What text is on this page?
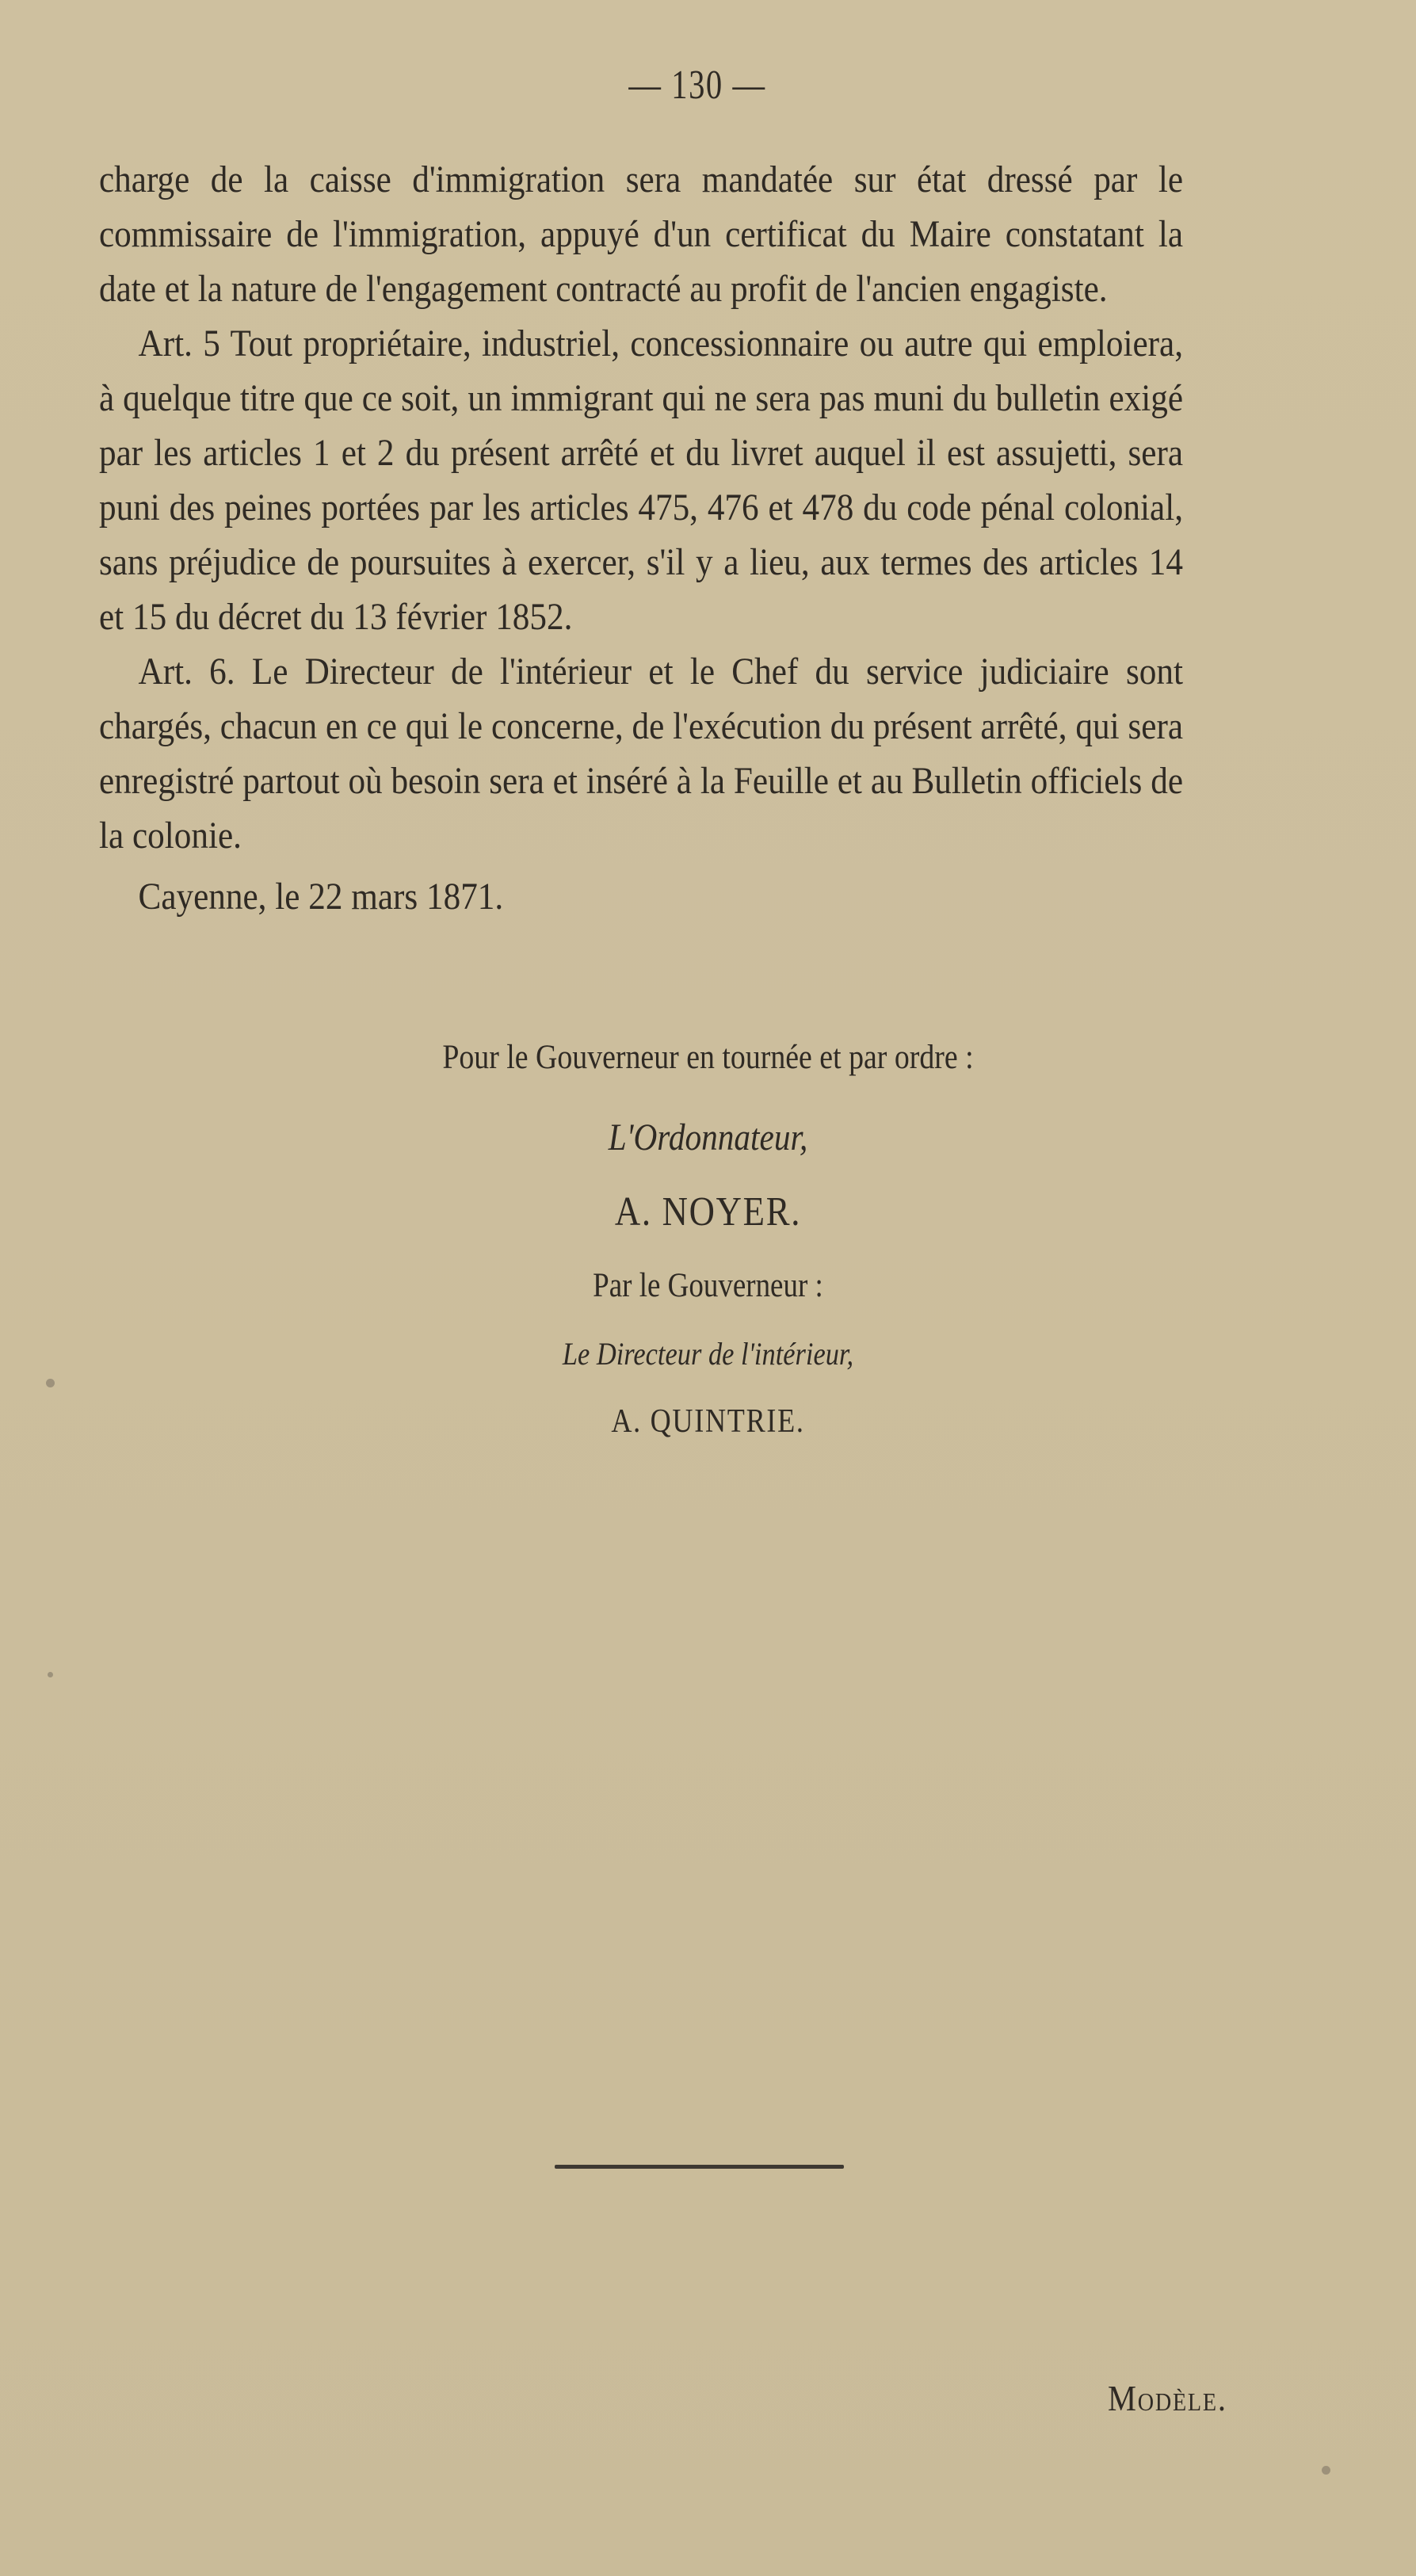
— 130 —

charge de la caisse d'immigration sera mandatée sur état dressé par le commissaire de l'immigration, appuyé d'un certificat du Maire constatant la date et la nature de l'engagement contracté au profit de l'ancien engagiste.

Art. 5 Tout propriétaire, industriel, concessionnaire ou autre qui emploiera, à quelque titre que ce soit, un immigrant qui ne sera pas muni du bulletin exigé par les articles 1 et 2 du présent arrêté et du livret auquel il est assujetti, sera puni des peines portées par les articles 475, 476 et 478 du code pénal colonial, sans préjudice de poursuites à exercer, s'il y a lieu, aux termes des articles 14 et 15 du décret du 13 février 1852.

Art. 6. Le Directeur de l'intérieur et le Chef du service judiciaire sont chargés, chacun en ce qui le concerne, de l'exécution du présent arrêté, qui sera enregistré partout où besoin sera et inséré à la Feuille et au Bulletin officiels de la colonie.

Cayenne, le 22 mars 1871.

Pour le Gouverneur en tournée et par ordre :
L'Ordonnateur,
A. NOYER.
Par le Gouverneur :
Le Directeur de l'intérieur,
A. QUINTRIE.
Modèle.
